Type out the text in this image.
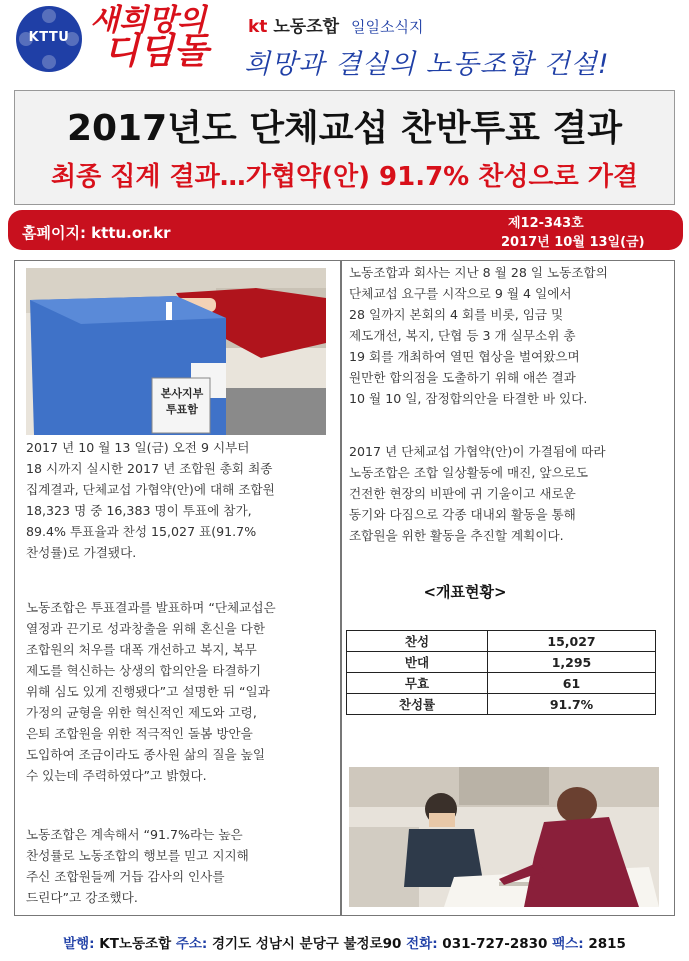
KTTU 새희망의
디딤돌
kt 노동조합 일일소식지
희망과 결실의 노동조합 건설!
2017년도 단체교섭 찬반투표 결과
최종 집계 결과…가협약(안) 91.7% 찬성으로 가결
홈페이지: kttu.or.kr
제12-343호
2017년 10월 13일(금)
본사지부
투표함
2017 년 10 월 13 일(금) 오전 9 시부터
18 시까지 실시한 2017 년 조합원 총회 최종
집계결과, 단체교섭 가협약(안)에 대해 조합원
18,323 명 중 16,383 명이 투표에 참가,
89.4% 투표율과 찬성 15,027 표(91.7%
찬성률)로 가결됐다.
노동조합은 투표결과를 발표하며 “단체교섭은
열정과 끈기로 성과창출을 위해 혼신을 다한
조합원의 처우를 대폭 개선하고 복지, 복무
제도를 혁신하는 상생의 합의안을 타결하기
위해 심도 있게 진행됐다”고 설명한 뒤 “일과
가정의 균형을 위한 혁신적인 제도와 고령,
은퇴 조합원을 위한 적극적인 돌봄 방안을
도입하여 조금이라도 종사원 삶의 질을 높일
수 있는데 주력하였다”고 밝혔다.
노동조합은 계속해서 “91.7%라는 높은
찬성률로 노동조합의 행보를 믿고 지지해
주신 조합원들께 거듭 감사의 인사를
드린다”고 강조했다.
노동조합과 회사는 지난 8 월 28 일 노동조합의
단체교섭 요구를 시작으로 9 월 4 일에서
28 일까지 본회의 4 회를 비롯, 임금 및
제도개선, 복지, 단협 등 3 개 실무소위 총
19 회를 개최하여 열띤 협상을 벌여왔으며
원만한 합의점을 도출하기 위해 애쓴 결과
10 월 10 일, 잠정합의안을 타결한 바 있다.
2017 년 단체교섭 가협약(안)이 가결됨에 따라
노동조합은 조합 일상활동에 매진, 앞으로도
건전한 현장의 비판에 귀 기울이고 새로운
동기와 다짐으로 각종 대내외 활동을 통해
조합원을 위한 활동을 추진할 계획이다.
<개표현황>
찬성	15,027
반대	1,295
무효	61
찬성률	91.7%
발행: KT노동조합 주소: 경기도 성남시 분당구 불정로90 전화: 031-727-2830 팩스: 2815
